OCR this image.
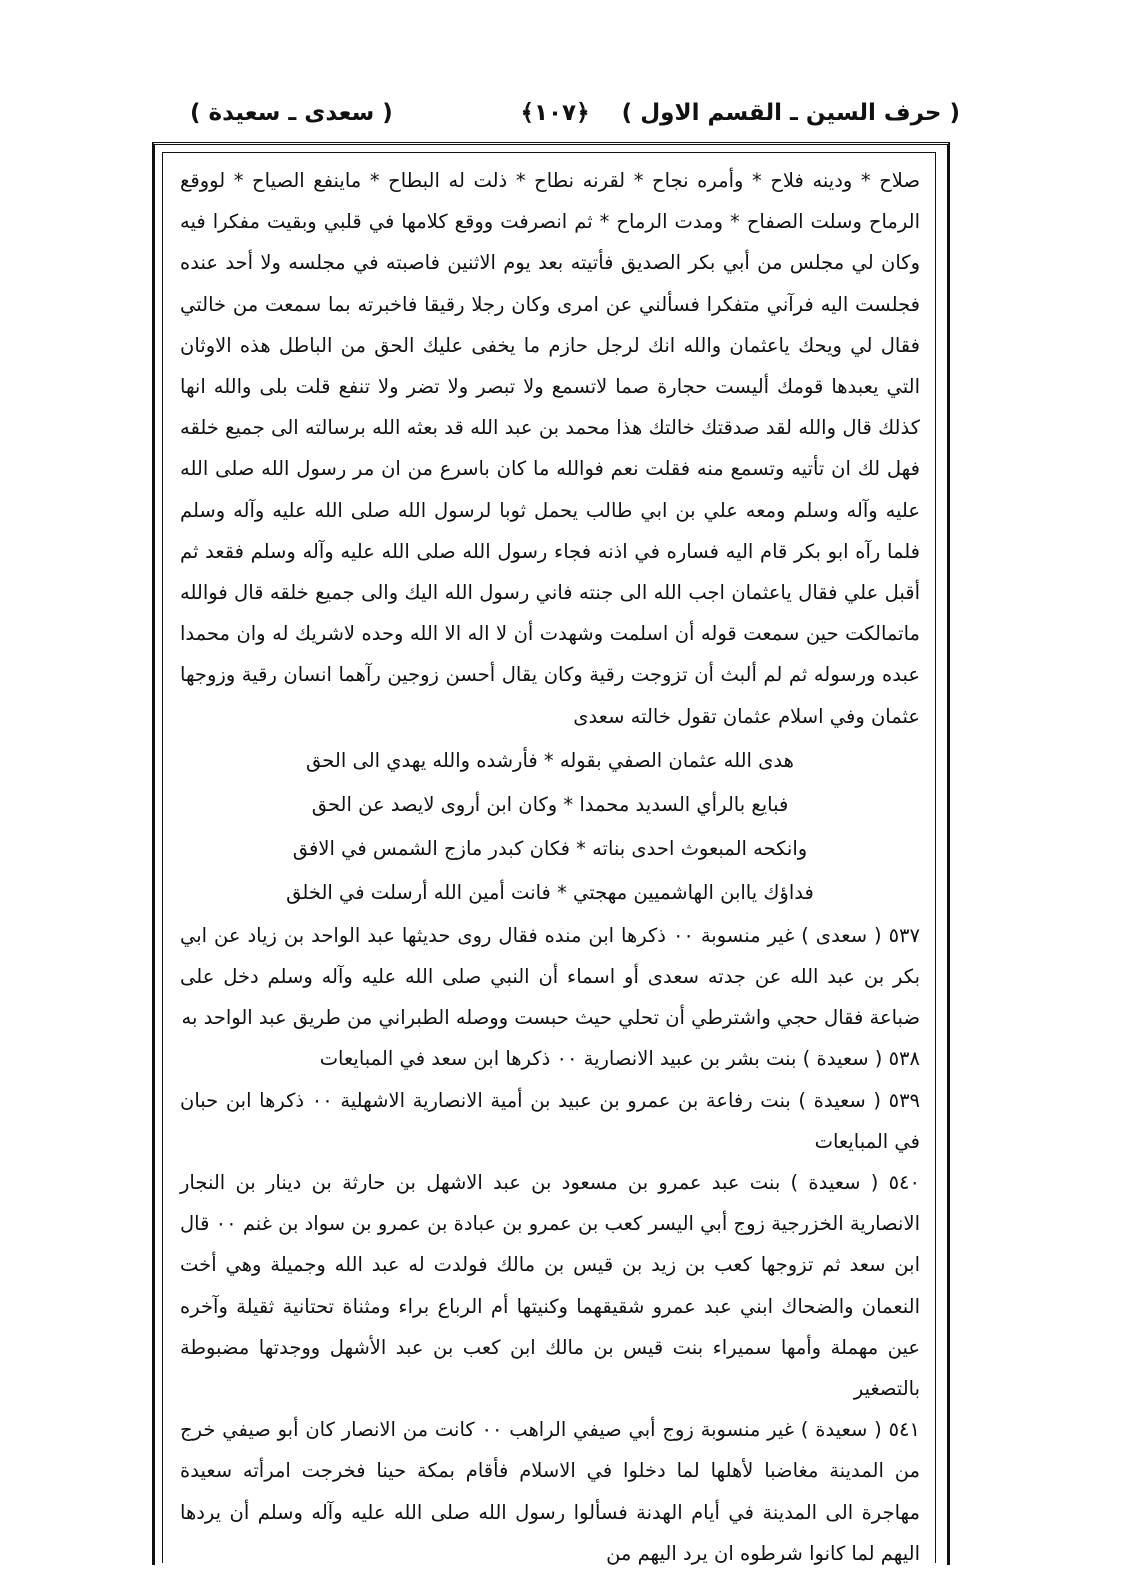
( حرف السين ـ القسم الاول )
﴿١٠٧﴾
( سعدى ـ سعيدة )

صلاح * ودينه فلاح * وأمره نجاح * لقرنه نطاح * ذلت له البطاح * ماينفع الصياح * لووقع الرماح وسلت الصفاح * ومدت الرماح * ثم انصرفت ووقع كلامها في قلبي وبقيت مفكرا فيه وكان لي مجلس من أبي بكر الصديق فأتيته بعد يوم الاثنين فاصبته في مجلسه ولا أحد عنده فجلست اليه فرآني متفكرا فسألني عن امرى وكان رجلا رقيقا فاخبرته بما سمعت من خالتي فقال لي ويحك ياعثمان والله انك لرجل حازم ما يخفى عليك الحق من الباطل هذه الاوثان التي يعبدها قومك أليست حجارة صما لاتسمع ولا تبصر ولا تضر ولا تنفع قلت بلى والله انها كذلك قال والله لقد صدقتك خالتك هذا محمد بن عبد الله قد بعثه الله برسالته الى جميع خلقه فهل لك ان تأتيه وتسمع منه فقلت نعم فوالله ما كان باسرع من ان مر رسول الله صلى الله عليه وآله وسلم ومعه علي بن ابي طالب يحمل ثوبا لرسول الله صلى الله عليه وآله وسلم فلما رآه ابو بكر قام اليه فساره في اذنه فجاء رسول الله صلى الله عليه وآله وسلم فقعد ثم أقبل علي فقال ياعثمان اجب الله الى جنته فاني رسول الله اليك والى جميع خلقه قال فوالله ماتمالكت حين سمعت قوله أن اسلمت وشهدت أن لا اله الا الله وحده لاشريك له وان محمدا عبده ورسوله ثم لم ألبث أن تزوجت رقية وكان يقال أحسن زوجين رآهما انسان رقية وزوجها عثمان وفي اسلام عثمان تقول خالته سعدى

هدى الله عثمان الصفي بقوله * فأرشده والله يهدي الى الحق
فبايع بالرأي السديد محمدا * وكان ابن أروى لايصد عن الحق
وانكحه المبعوث احدى بناته * فكان كبدر مازج الشمس في الافق
فداؤك ياابن الهاشميين مهجتي * فانت أمين الله أرسلت في الخلق

٥٣٧ ( سعدى ) غير منسوبة ٠٠ ذكرها ابن منده فقال روى حديثها عبد الواحد بن زياد عن ابي بكر بن عبد الله عن جدته سعدى أو اسماء أن النبي صلى الله عليه وآله وسلم دخل على ضباعة فقال حجي واشترطي أن تحلي حيث حبست ووصله الطبراني من طريق عبد الواحد به

٥٣٨ ( سعيدة ) بنت بشر بن عبيد الانصارية ٠٠ ذكرها ابن سعد في المبايعات

٥٣٩ ( سعيدة ) بنت رفاعة بن عمرو بن عبيد بن أمية الانصارية الاشهلية ٠٠ ذكرها ابن حبان في المبايعات

٥٤٠ ( سعيدة ) بنت عبد عمرو بن مسعود بن عبد الاشهل بن حارثة بن دينار بن النجار الانصارية الخزرجية زوج أبي اليسر كعب بن عمرو بن عبادة بن عمرو بن سواد بن غنم ٠٠ قال ابن سعد ثم تزوجها كعب بن زيد بن قيس بن مالك فولدت له عبد الله وجميلة وهي أخت النعمان والضحاك ابني عبد عمرو شقيقهما وكنيتها أم الرباع براء ومثناة تحتانية ثقيلة وآخره عين مهملة وأمها سميراء بنت قيس بن مالك ابن كعب بن عبد الأشهل ووجدتها مضبوطة بالتصغير

٥٤١ ( سعيدة ) غير منسوبة زوج أبي صيفي الراهب ٠٠ كانت من الانصار كان أبو صيفي خرج من المدينة مغاضبا لأهلها لما دخلوا في الاسلام فأقام بمكة حينا فخرجت امرأته سعيدة مهاجرة الى المدينة في أيام الهدنة فسألوا رسول الله صلى الله عليه وآله وسلم أن يردها اليهم لما كانوا شرطوه ان يرد اليهم من
